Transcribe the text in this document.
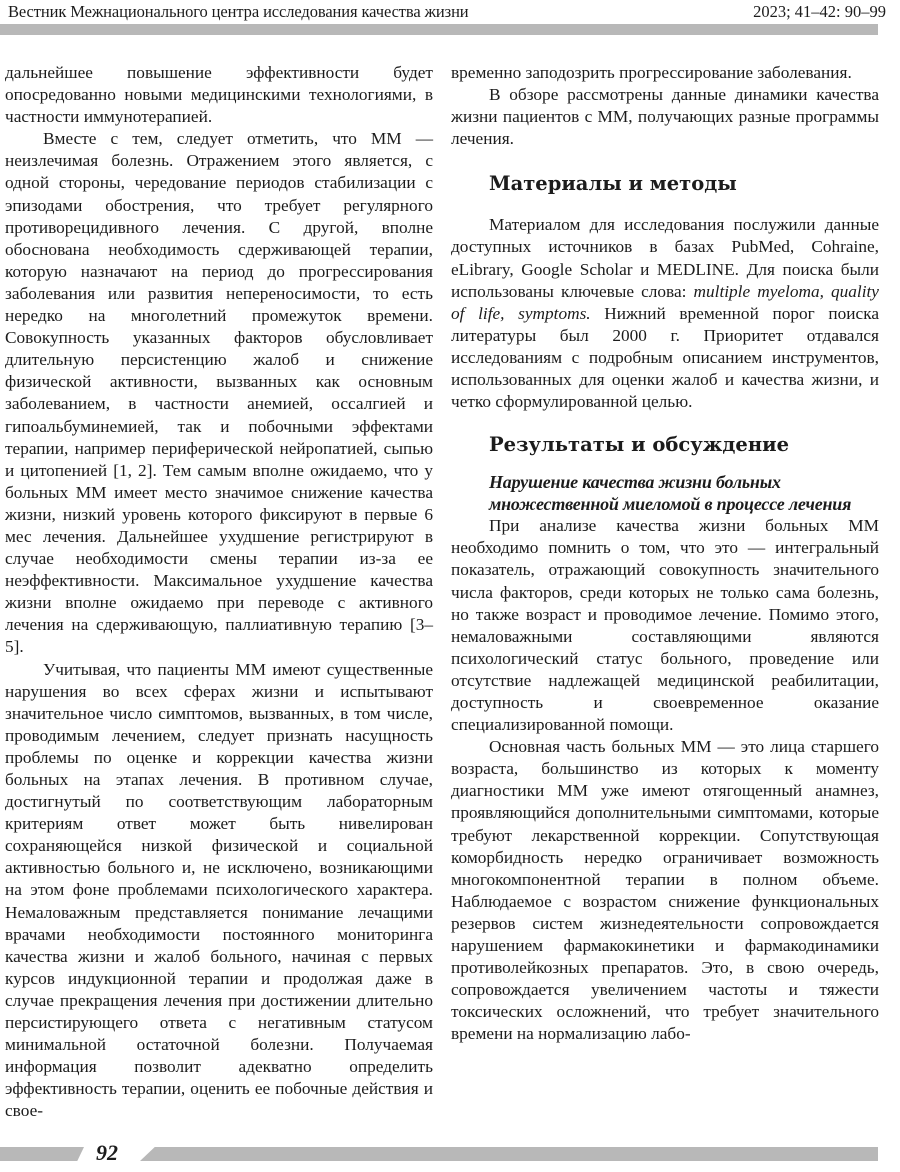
Вестник Межнационального центра исследования качества жизни	2023; 41–42: 90–99

дальнейшее повышение эффективности будет опосредованно новыми медицинскими технологиями, в частности иммунотерапией.

Вместе с тем, следует отметить, что ММ — неизлечимая болезнь. Отражением этого является, с одной стороны, чередование периодов стабилизации с эпизодами обострения, что требует регулярного противорецидивного лечения. С другой, вполне обоснована необходимость сдерживающей терапии, которую назначают на период до прогрессирования заболевания или развития непереносимости, то есть нередко на многолетний промежуток времени. Совокупность указанных факторов обусловливает длительную персистенцию жалоб и снижение физической активности, вызванных как основным заболеванием, в частности анемией, оссалгией и гипоальбуминемией, так и побочными эффектами терапии, например периферической нейропатией, сыпью и цитопенией [1, 2]. Тем самым вполне ожидаемо, что у больных ММ имеет место значимое снижение качества жизни, низкий уровень которого фиксируют в первые 6 мес лечения. Дальнейшее ухудшение регистрируют в случае необходимости смены терапии из-за ее неэффективности. Максимальное ухудшение качества жизни вполне ожидаемо при переводе с активного лечения на сдерживающую, паллиативную терапию [3–5].

Учитывая, что пациенты ММ имеют существенные нарушения во всех сферах жизни и испытывают значительное число симптомов, вызванных, в том числе, проводимым лечением, следует признать насущность проблемы по оценке и коррекции качества жизни больных на этапах лечения. В противном случае, достигнутый по соответствующим лабораторным критериям ответ может быть нивелирован сохраняющейся низкой физической и социальной активностью больного и, не исключено, возникающими на этом фоне проблемами психологического характера. Немаловажным представляется понимание лечащими врачами необходимости постоянного мониторинга качества жизни и жалоб больного, начиная с первых курсов индукционной терапии и продолжая даже в случае прекращения лечения при достижении длительно персистирующего ответа с негативным статусом минимальной остаточной болезни. Получаемая информация позволит адекватно определить эффективность терапии, оценить ее побочные действия и свое-

временно заподозрить прогрессирование заболевания.

В обзоре рассмотрены данные динамики качества жизни пациентов с ММ, получающих разные программы лечения.

Материалы и методы

Материалом для исследования послужили данные доступных источников в базах PubMed, Cohraine, eLibrary, Google Scholar и MEDLINE. Для поиска были использованы ключевые слова: multiple myeloma, quality of life, symptoms. Нижний временной порог поиска литературы был 2000 г. Приоритет отдавался исследованиям с подробным описанием инструментов, использованных для оценки жалоб и качества жизни, и четко сформулированной целью.

Результаты и обсуждение
Нарушение качества жизни больных множественной миеломой в процессе лечения

При анализе качества жизни больных ММ необходимо помнить о том, что это — интегральный показатель, отражающий совокупность значительного числа факторов, среди которых не только сама болезнь, но также возраст и проводимое лечение. Помимо этого, немаловажными составляющими являются психологический статус больного, проведение или отсутствие надлежащей медицинской реабилитации, доступность и своевременное оказание специализированной помощи.

Основная часть больных ММ — это лица старшего возраста, большинство из которых к моменту диагностики ММ уже имеют отягощенный анамнез, проявляющийся дополнительными симптомами, которые требуют лекарственной коррекции. Сопутствующая коморбидность нередко ограничивает возможность многокомпонентной терапии в полном объеме. Наблюдаемое с возрастом снижение функциональных резервов систем жизнедеятельности сопровождается нарушением фармакокинетики и фармакодинамики противолейкозных препаратов. Это, в свою очередь, сопровождается увеличением частоты и тяжести токсических осложнений, что требует значительного времени на нормализацию лабо-

92
